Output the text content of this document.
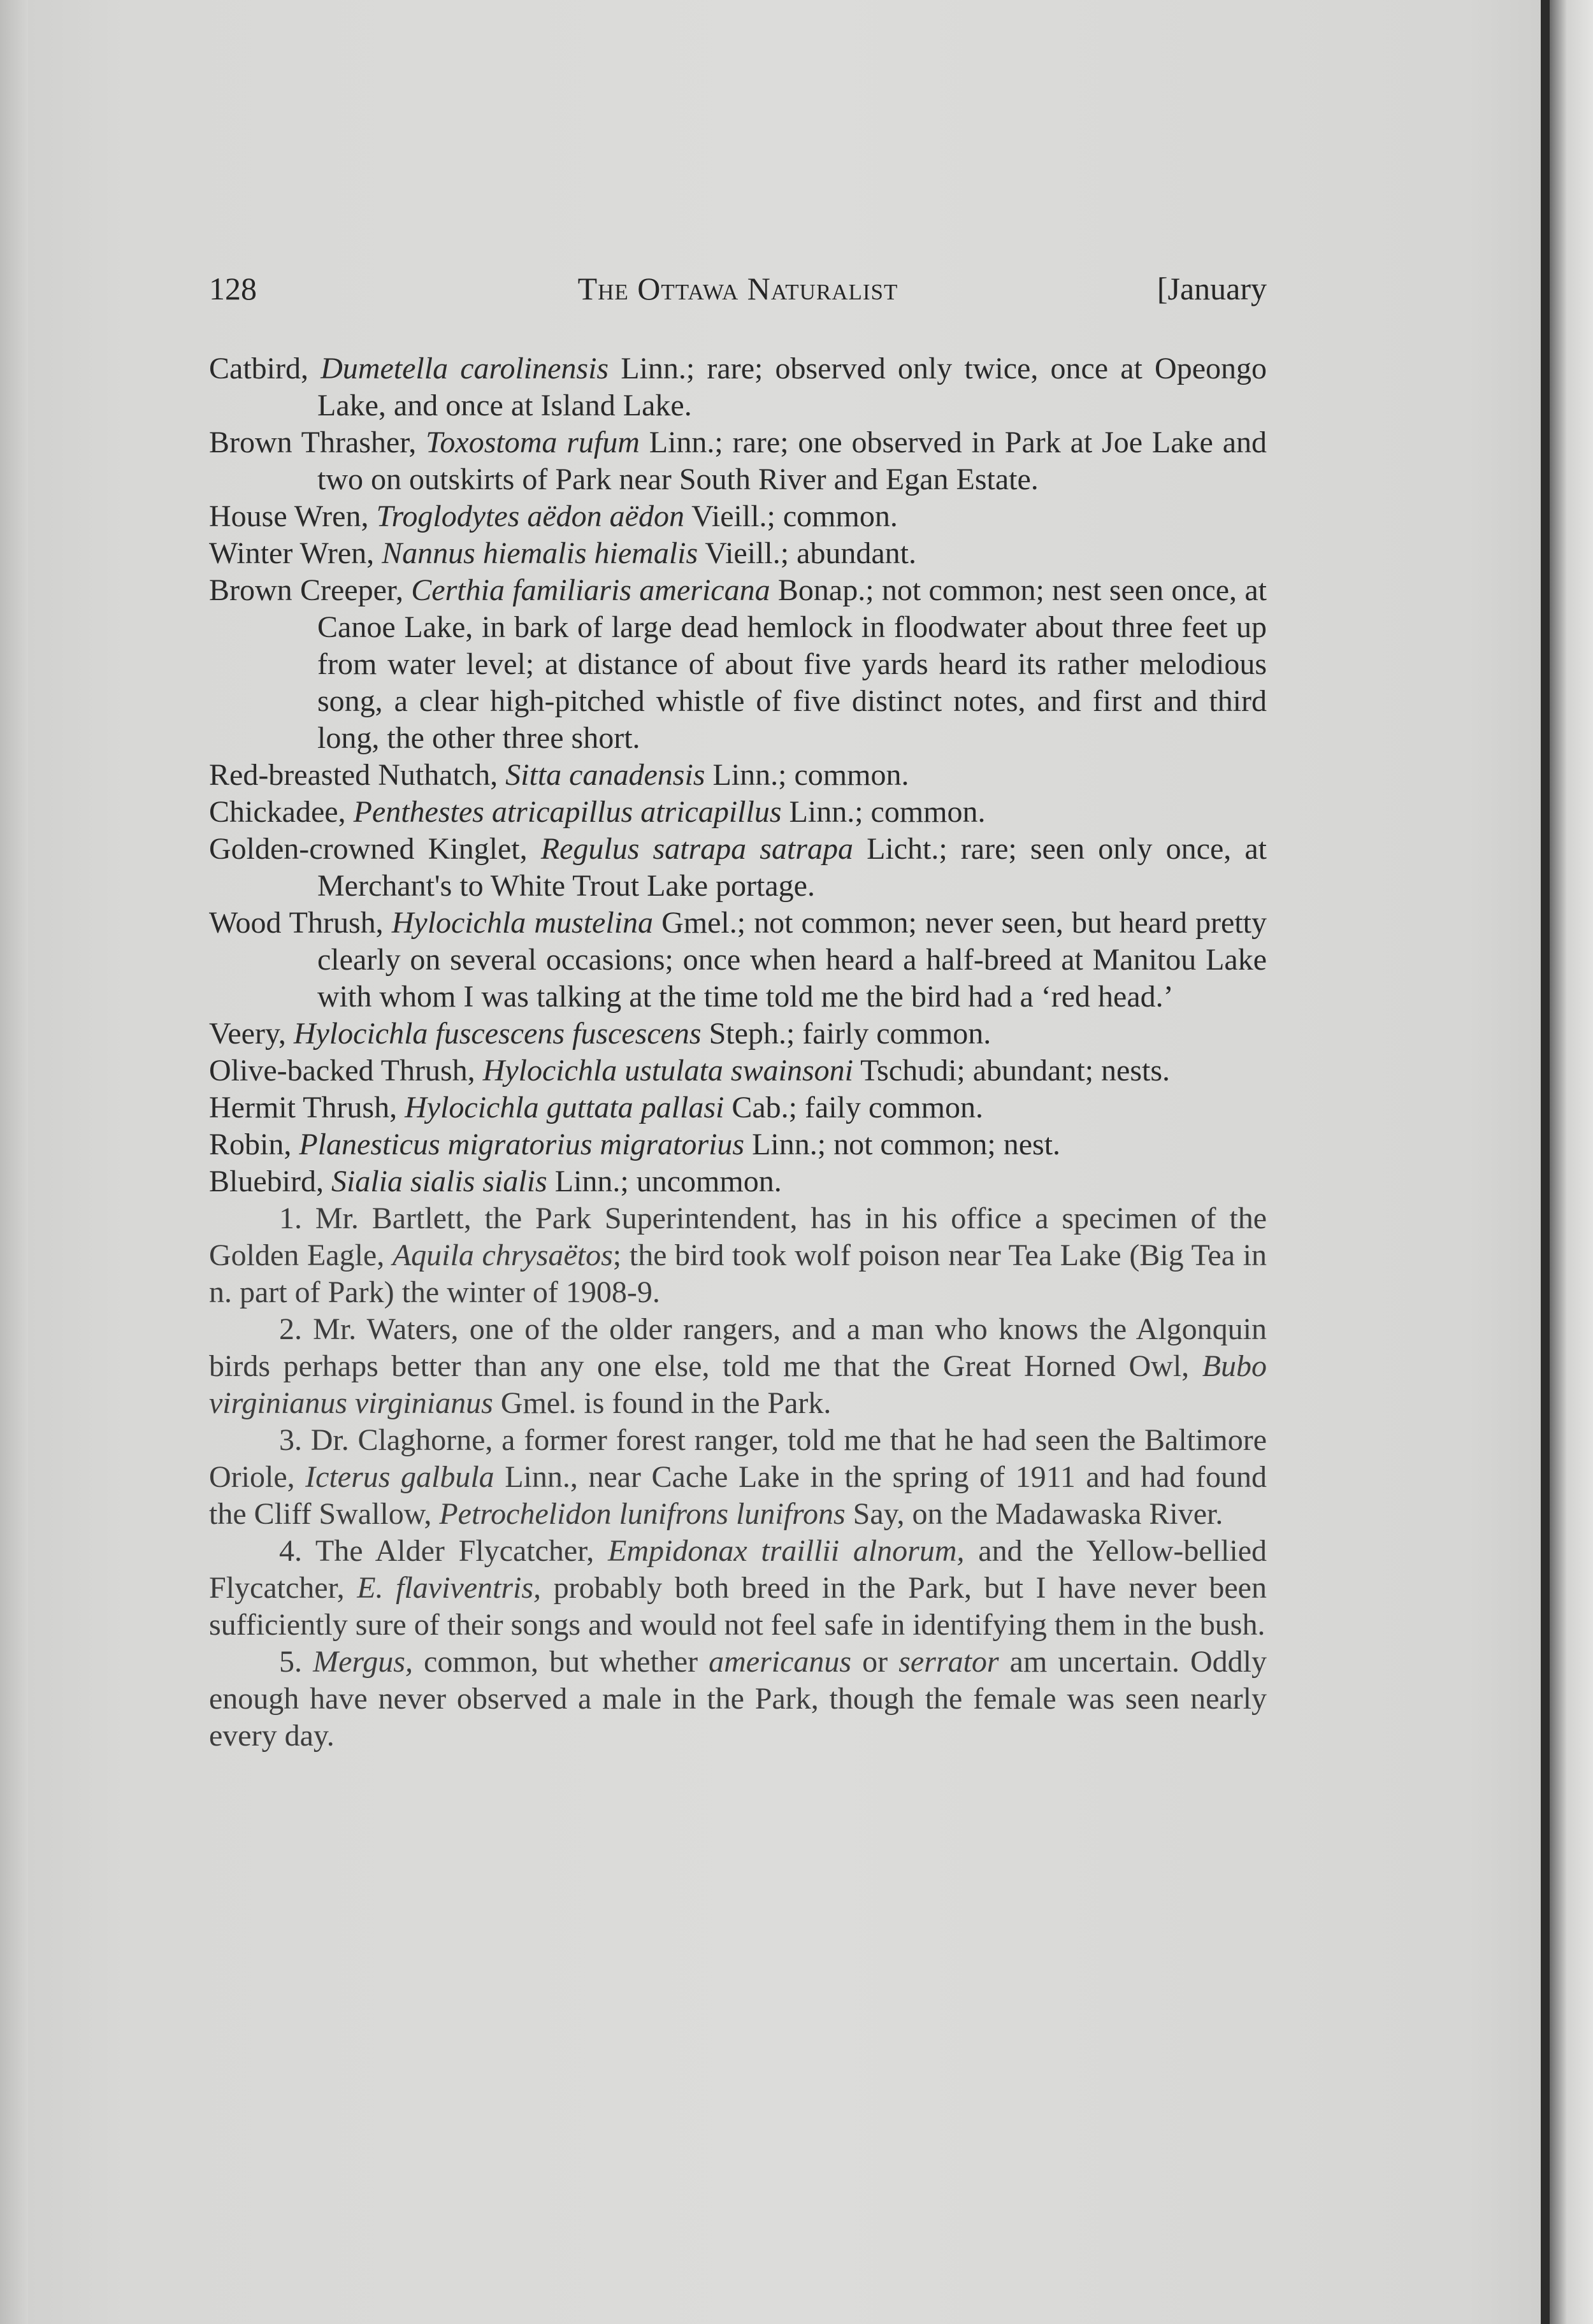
128	The Ottawa Naturalist	[January
Catbird, Dumetella carolinensis Linn.; rare; observed only twice, once at Opeongo Lake, and once at Island Lake.
Brown Thrasher, Toxostoma rufum Linn.; rare; one observed in Park at Joe Lake and two on outskirts of Park near South River and Egan Estate.
House Wren, Troglodytes aëdon aëdon Vieill.; common.
Winter Wren, Nannus hiemalis hiemalis Vieill.; abundant.
Brown Creeper, Certhia familiaris americana Bonap.; not common; nest seen once, at Canoe Lake, in bark of large dead hemlock in floodwater about three feet up from water level; at distance of about five yards heard its rather melodious song, a clear high-pitched whistle of five distinct notes, and first and third long, the other three short.
Red-breasted Nuthatch, Sitta canadensis Linn.; common.
Chickadee, Penthestes atricapillus atricapillus Linn.; common.
Golden-crowned Kinglet, Regulus satrapa satrapa Licht.; rare; seen only once, at Merchant's to White Trout Lake portage.
Wood Thrush, Hylocichla mustelina Gmel.; not common; never seen, but heard pretty clearly on several occasions; once when heard a half-breed at Manitou Lake with whom I was talking at the time told me the bird had a ‘red head.’
Veery, Hylocichla fuscescens fuscescens Steph.; fairly common.
Olive-backed Thrush, Hylocichla ustulata swainsoni Tschudi; abundant; nests.
Hermit Thrush, Hylocichla guttata pallasi Cab.; faily common.
Robin, Planesticus migratorius migratorius Linn.; not common; nest.
Bluebird, Sialia sialis sialis Linn.; uncommon.
1. Mr. Bartlett, the Park Superintendent, has in his office a specimen of the Golden Eagle, Aquila chrysaëtos; the bird took wolf poison near Tea Lake (Big Tea in n. part of Park) the winter of 1908-9.
2. Mr. Waters, one of the older rangers, and a man who knows the Algonquin birds perhaps better than any one else, told me that the Great Horned Owl, Bubo virginianus virginianus Gmel. is found in the Park.
3. Dr. Claghorne, a former forest ranger, told me that he had seen the Baltimore Oriole, Icterus galbula Linn., near Cache Lake in the spring of 1911 and had found the Cliff Swallow, Petrochelidon lunifrons lunifrons Say, on the Madawaska River.
4. The Alder Flycatcher, Empidonax traillii alnorum, and the Yellow-bellied Flycatcher, E. flaviventris, probably both breed in the Park, but I have never been sufficiently sure of their songs and would not feel safe in identifying them in the bush.
5. Mergus, common, but whether americanus or serrator am uncertain. Oddly enough have never observed a male in the Park, though the female was seen nearly every day.
